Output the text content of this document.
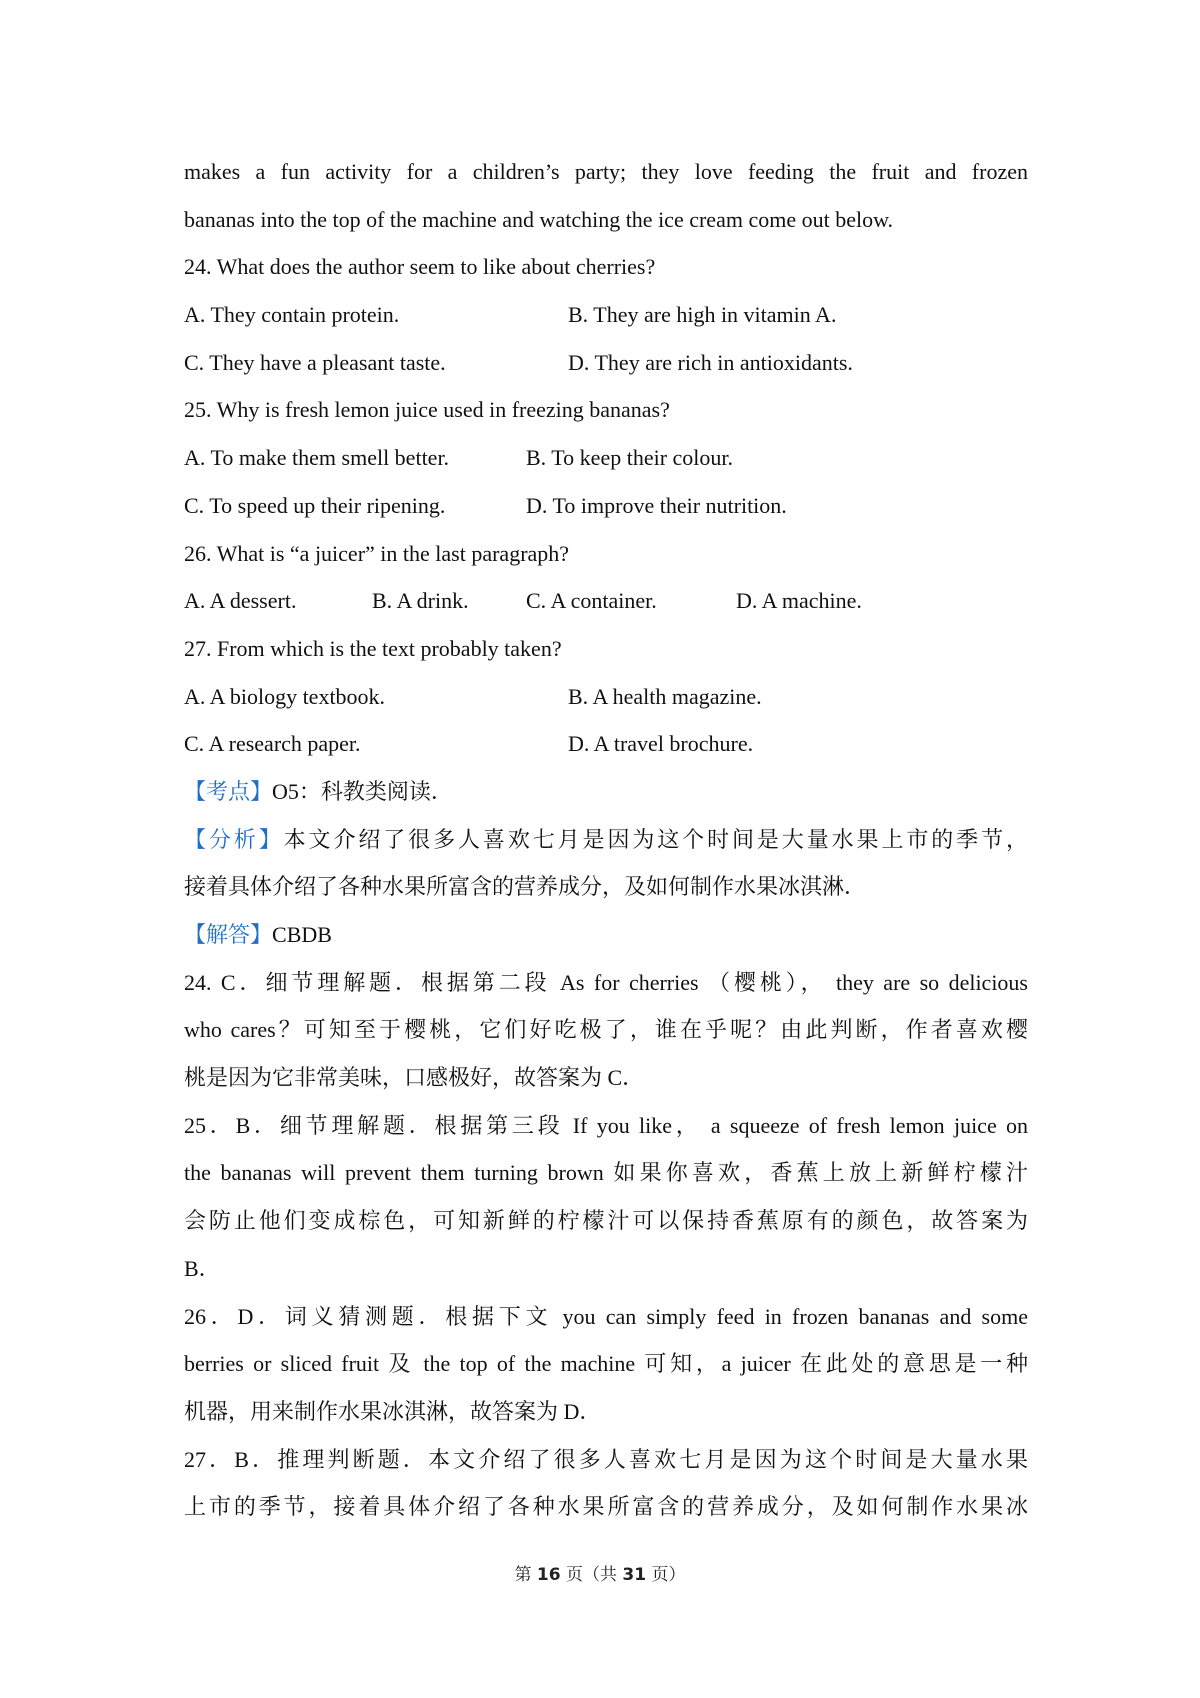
makes a fun activity for a children’s party; they love feeding the fruit and frozen
bananas into the top of the machine and watching the ice cream come out below.
24. What does the author seem to like about cherries?
A. They contain protein.	B. They are high in vitamin A.
C. They have a pleasant taste.	D. They are rich in antioxidants.
25. Why is fresh lemon juice used in freezing bananas?
A. To make them smell better.	B. To keep their colour.
C. To speed up their ripening.	D. To improve their nutrition.
26. What is “a juicer” in the last paragraph?
A. A dessert.	B. A drink.	C. A container.	D. A machine.
27. From which is the text probably taken?
A. A biology textbook.	B. A health magazine.
C. A research paper.	D. A travel brochure.
【考点】O5：科教类阅读．
【分析】本文介绍了很多人喜欢七月是因为这个时间是大量水果上市的季节，
接着具体介绍了各种水果所富含的营养成分，及如何制作水果冰淇淋．
【解答】CBDB
24. C．细节理解题．根据第二段 As for cherries （樱桃）， they are so delicious
who cares？可知至于樱桃，它们好吃极了，谁在乎呢？由此判断，作者喜欢樱
桃是因为它非常美味，口感极好，故答案为 C．
25．B．细节理解题．根据第三段 If you like， a squeeze of fresh lemon juice on
the bananas will prevent them turning brown 如果你喜欢，香蕉上放上新鲜柠檬汁
会防止他们变成棕色，可知新鲜的柠檬汁可以保持香蕉原有的颜色，故答案为
B．
26．D．词义猜测题．根据下文 you can simply feed in frozen bananas and some
berries or sliced fruit 及 the top of the machine 可知，a juicer 在此处的意思是一种
机器，用来制作水果冰淇淋，故答案为 D．
27．B．推理判断题．本文介绍了很多人喜欢七月是因为这个时间是大量水果
上市的季节，接着具体介绍了各种水果所富含的营养成分，及如何制作水果冰
第 16 页（共 31 页）
